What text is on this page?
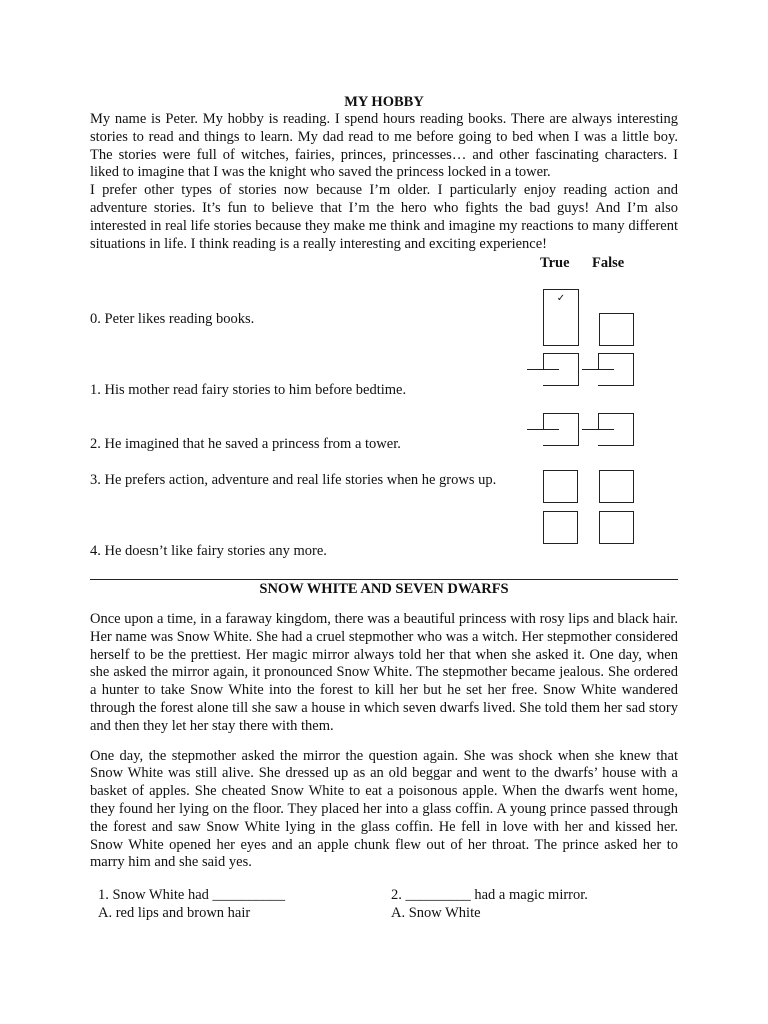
MY HOBBY

My name is Peter. My hobby is reading. I spend hours reading books. There are always interesting stories to read and things to learn. My dad read to me before going to bed when I was a little boy. The stories were full of witches, fairies, princes, princesses… and other fascinating characters. I liked to imagine that I was the knight who saved the princess locked in a tower.

I prefer other types of stories now because I’m older. I particularly enjoy reading action and adventure stories. It’s fun to believe that I’m the hero who fights the bad guys! And I’m also interested in real life stories because they make me think and imagine my reactions to many different situations in life. I think reading is a really interesting and exciting experience!

True False
0. Peter likes reading books.
1. His mother read fairy stories to him before bedtime.
2. He imagined that he saved a princess from a tower.
3. He prefers action, adventure and real life stories when he grows up.
4. He doesn’t like fairy stories any more.
✓
SNOW WHITE AND SEVEN DWARFS

Once upon a time, in a faraway kingdom, there was a beautiful princess with rosy lips and black hair. Her name was Snow White. She had a cruel stepmother who was a witch. Her stepmother considered herself to be the prettiest. Her magic mirror always told her that when she asked it. One day, when she asked the mirror again, it pronounced Snow White. The stepmother became jealous. She ordered a hunter to take Snow White into the forest to kill her but he set her free. Snow White wandered through the forest alone till she saw a house in which seven dwarfs lived. She told them her sad story and then they let her stay there with them.

One day, the stepmother asked the mirror the question again. She was shock when she knew that Snow White was still alive. She dressed up as an old beggar and went to the dwarfs’ house with a basket of apples. She cheated Snow White to eat a poisonous apple. When the dwarfs went home, they found her lying on the floor. They placed her into a glass coffin. A young prince passed through the forest and saw Snow White lying in the glass coffin. He fell in love with her and kissed her. Snow White opened her eyes and an apple chunk flew out of her throat. The prince asked her to marry him and she said yes.

1. Snow White had __________
A. red lips and brown hair
2. _________ had a magic mirror.
A. Snow White
